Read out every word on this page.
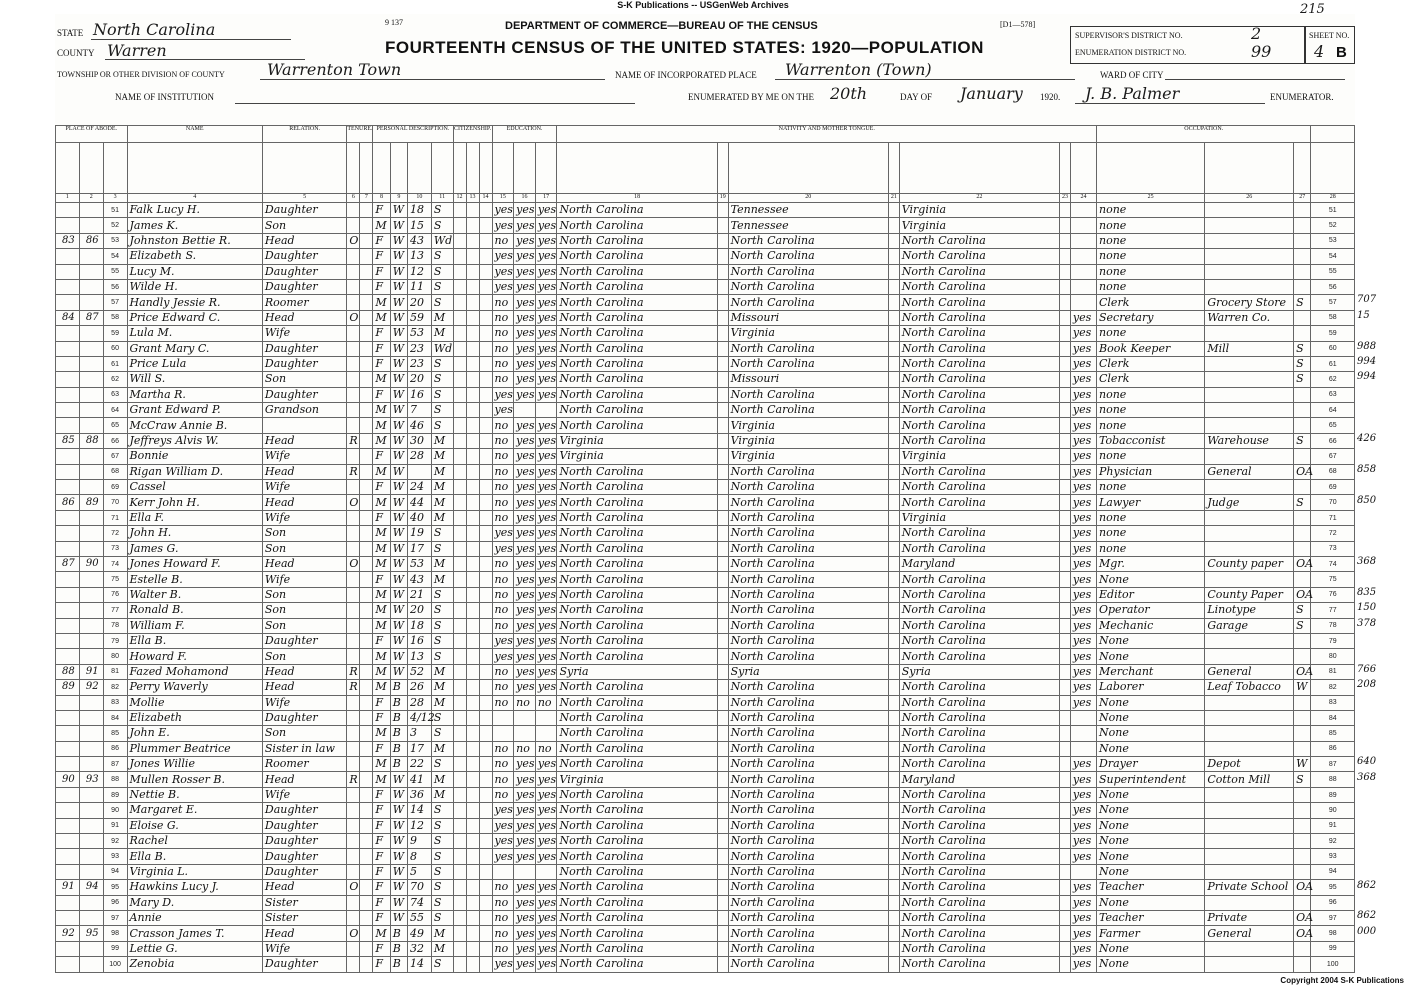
S-K Publications -- USGenWeb Archives
9 137	DEPARTMENT OF COMMERCE—BUREAU OF THE CENSUS	[D1—578]
FOURTEENTH CENSUS OF THE UNITED STATES: 1920—POPULATION
STATE North Carolina
COUNTY Warren
TOWNSHIP OR OTHER DIVISION OF COUNTY	Warrenton Town
NAME OF INSTITUTION
NAME OF INCORPORATED PLACE Warrenton (Town)	WARD OF CITY
ENUMERATED BY ME ON THE 20th	DAY OF January 1920. J. B. Palmer	ENUMERATOR.
SUPERVISOR'S DISTRICT NO.	2
ENUMERATION DISTRICT NO.	99
SHEET NO.
4 B
PLACE OF ABODE.			NAME	RELATION.	TENURE.		PERSONAL DESCRIPTION.				CITIZENSHIP.			EDUCATION.			NATIVITY AND MOTHER TONGUE.							OCCUPATION.			

1	2	3	4	5	6	7	8	9	10	11	12	13	14	15	16	17	18	19	20	21	22	23	24	25	26	27	28
		51	Falk Lucy H.	Daughter			F	W	18	S				yes	yes	yes	North Carolina		Tennessee		Virginia			none			51
		52	James K.	Son			M	W	15	S				yes	yes	yes	North Carolina		Tennessee		Virginia			none			52
83	86	53	Johnston Bettie R.	Head	O		F	W	43	Wd				no	yes	yes	North Carolina		North Carolina		North Carolina			none			53
		54	Elizabeth S.	Daughter			F	W	13	S				yes	yes	yes	North Carolina		North Carolina		North Carolina			none			54
		55	Lucy M.	Daughter			F	W	12	S				yes	yes	yes	North Carolina		North Carolina		North Carolina			none			55
		56	Wilde H.	Daughter			F	W	11	S				yes	yes	yes	North Carolina		North Carolina		North Carolina			none			56
		57	Handly Jessie R.	Roomer			M	W	20	S				no	yes	yes	North Carolina		North Carolina		North Carolina			Clerk	Grocery Store	S	57
84	87	58	Price Edward C.	Head	O		M	W	59	M				no	yes	yes	North Carolina		Missouri		North Carolina		yes	Secretary	Warren Co.		58
		59	Lula M.	Wife			F	W	53	M				no	yes	yes	North Carolina		Virginia		North Carolina		yes	none			59
		60	Grant Mary C.	Daughter			F	W	23	Wd				no	yes	yes	North Carolina		North Carolina		North Carolina		yes	Book Keeper	Mill	S	60
		61	Price Lula	Daughter			F	W	23	S				no	yes	yes	North Carolina		North Carolina		North Carolina		yes	Clerk		S	61
		62	Will S.	Son			M	W	20	S				no	yes	yes	North Carolina		Missouri		North Carolina		yes	Clerk		S	62
		63	Martha R.	Daughter			F	W	16	S				yes	yes	yes	North Carolina		North Carolina		North Carolina		yes	none			63
		64	Grant Edward P.	Grandson			M	W	7	S				yes			North Carolina		North Carolina		North Carolina		yes	none			64
		65	McCraw Annie B.				M	W	46	S				no	yes	yes	North Carolina		Virginia		North Carolina		yes	none			65
85	88	66	Jeffreys Alvis W.	Head	R		M	W	30	M				no	yes	yes	Virginia		Virginia		North Carolina		yes	Tobacconist	Warehouse	S	66
		67	Bonnie	Wife			F	W	28	M				no	yes	yes	Virginia		Virginia		Virginia		yes	none			67
		68	Rigan William D.	Head	R		M	W		M				no	yes	yes	North Carolina		North Carolina		North Carolina		yes	Physician	General	OA	68
		69	Cassel	Wife			F	W	24	M				no	yes	yes	North Carolina		North Carolina		North Carolina		yes	none			69
86	89	70	Kerr John H.	Head	O		M	W	44	M				no	yes	yes	North Carolina		North Carolina		North Carolina		yes	Lawyer	Judge	S	70
		71	Ella F.	Wife			F	W	40	M				no	yes	yes	North Carolina		North Carolina		Virginia		yes	none			71
		72	John H.	Son			M	W	19	S				yes	yes	yes	North Carolina		North Carolina		North Carolina		yes	none			72
		73	James G.	Son			M	W	17	S				yes	yes	yes	North Carolina		North Carolina		North Carolina		yes	none			73
87	90	74	Jones Howard F.	Head	O		M	W	53	M				no	yes	yes	North Carolina		North Carolina		Maryland		yes	Mgr.	County paper	OA	74
		75	Estelle B.	Wife			F	W	43	M				no	yes	yes	North Carolina		North Carolina		North Carolina		yes	None			75
		76	Walter B.	Son			M	W	21	S				no	yes	yes	North Carolina		North Carolina		North Carolina		yes	Editor	County Paper	OA	76
		77	Ronald B.	Son			M	W	20	S				no	yes	yes	North Carolina		North Carolina		North Carolina		yes	Operator	Linotype	S	77
		78	William F.	Son			M	W	18	S				no	yes	yes	North Carolina		North Carolina		North Carolina		yes	Mechanic	Garage	S	78
		79	Ella B.	Daughter			F	W	16	S				yes	yes	yes	North Carolina		North Carolina		North Carolina		yes	None			79
		80	Howard F.	Son			M	W	13	S				yes	yes	yes	North Carolina		North Carolina		North Carolina		yes	None			80
88	91	81	Fazed Mohamond	Head	R		M	W	52	M				no	yes	yes	Syria		Syria		Syria		yes	Merchant	General	OA	81
89	92	82	Perry Waverly	Head	R		M	B	26	M				no	yes	yes	North Carolina		North Carolina		North Carolina		yes	Laborer	Leaf Tobacco	W	82
		83	Mollie	Wife			F	B	28	M				no	no	no	North Carolina		North Carolina		North Carolina		yes	None			83
		84	Elizabeth	Daughter			F	B	4/12	S							North Carolina		North Carolina		North Carolina			None			84
		85	John E.	Son			M	B	3	S							North Carolina		North Carolina		North Carolina			None			85
		86	Plummer Beatrice	Sister in law			F	B	17	M				no	no	no	North Carolina		North Carolina		North Carolina			None			86
		87	Jones Willie	Roomer			M	B	22	S				no	yes	yes	North Carolina		North Carolina		North Carolina		yes	Drayer	Depot	W	87
90	93	88	Mullen Rosser B.	Head	R		M	W	41	M				no	yes	yes	Virginia		North Carolina		Maryland		yes	Superintendent	Cotton Mill	S	88
		89	Nettie B.	Wife			F	W	36	M				no	yes	yes	North Carolina		North Carolina		North Carolina		yes	None			89
		90	Margaret E.	Daughter			F	W	14	S				yes	yes	yes	North Carolina		North Carolina		North Carolina		yes	None			90
		91	Eloise G.	Daughter			F	W	12	S				yes	yes	yes	North Carolina		North Carolina		North Carolina		yes	None			91
		92	Rachel	Daughter			F	W	9	S				yes	yes	yes	North Carolina		North Carolina		North Carolina		yes	None			92
		93	Ella B.	Daughter			F	W	8	S				yes	yes	yes	North Carolina		North Carolina		North Carolina		yes	None			93
		94	Virginia L.	Daughter			F	W	5	S							North Carolina		North Carolina		North Carolina			None			94
91	94	95	Hawkins Lucy J.	Head	O		F	W	70	S				no	yes	yes	North Carolina		North Carolina		North Carolina		yes	Teacher	Private School	OA	95
		96	Mary D.	Sister			F	W	74	S				no	yes	yes	North Carolina		North Carolina		North Carolina		yes	None			96
		97	Annie	Sister			F	W	55	S				no	yes	yes	North Carolina		North Carolina		North Carolina		yes	Teacher	Private	OA	97
92	95	98	Crasson James T.	Head	O		M	B	49	M				no	yes	yes	North Carolina		North Carolina		North Carolina		yes	Farmer	General	OA	98
		99	Lettie G.	Wife			F	B	32	M				no	yes	yes	North Carolina		North Carolina		North Carolina		yes	None			99
		100	Zenobia	Daughter			F	B	14	S				yes	yes	yes	North Carolina		North Carolina		North Carolina		yes	None			100
707
15
988
994
994
426
858
850
368
835
150
378
766
208
640
368
862
862
000
215
Copyright 2004 S-K Publications
